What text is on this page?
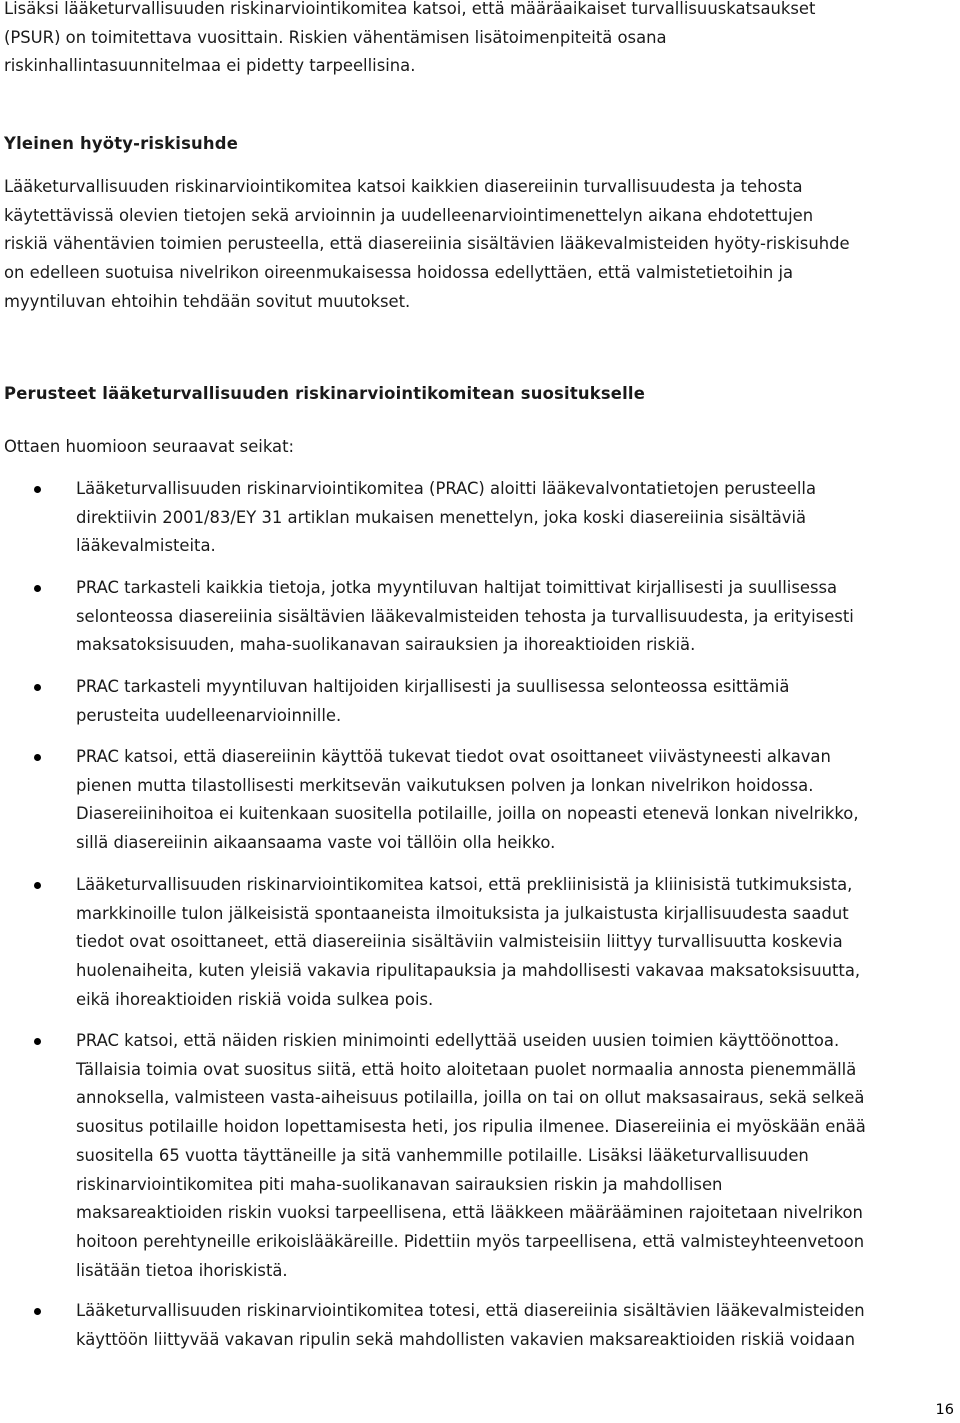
Lisäksi lääketurvallisuuden riskinarviointikomitea katsoi, että määräaikaiset turvallisuuskatsaukset
(PSUR) on toimitettava vuosittain. Riskien vähentämisen lisätoimenpiteitä osana
riskinhallintasuunnitelmaa ei pidetty tarpeellisina.

Yleinen hyöty-riskisuhde

Lääketurvallisuuden riskinarviointikomitea katsoi kaikkien diasereiinin turvallisuudesta ja tehosta
käytettävissä olevien tietojen sekä arvioinnin ja uudelleenarviointimenettelyn aikana ehdotettujen
riskiä vähentävien toimien perusteella, että diasereiinia sisältävien lääkevalmisteiden hyöty-riskisuhde
on edelleen suotuisa nivelrikon oireenmukaisessa hoidossa edellyttäen, että valmistetietoihin ja
myyntiluvan ehtoihin tehdään sovitut muutokset.

Perusteet lääketurvallisuuden riskinarviointikomitean suositukselle

Ottaen huomioon seuraavat seikat:

Lääketurvallisuuden riskinarviointikomitea (PRAC) aloitti lääkevalvontatietojen perusteella
direktiivin 2001/83/EY 31 artiklan mukaisen menettelyn, joka koski diasereiinia sisältäviä
lääkevalmisteita.
PRAC tarkasteli kaikkia tietoja, jotka myyntiluvan haltijat toimittivat kirjallisesti ja suullisessa
selonteossa diasereiinia sisältävien lääkevalmisteiden tehosta ja turvallisuudesta, ja erityisesti
maksatoksisuuden, maha-suolikanavan sairauksien ja ihoreaktioiden riskiä.
PRAC tarkasteli myyntiluvan haltijoiden kirjallisesti ja suullisessa selonteossa esittämiä
perusteita uudelleenarvioinnille.
PRAC katsoi, että diasereiinin käyttöä tukevat tiedot ovat osoittaneet viivästyneesti alkavan
pienen mutta tilastollisesti merkitsevän vaikutuksen polven ja lonkan nivelrikon hoidossa.
Diasereiinihoitoa ei kuitenkaan suositella potilaille, joilla on nopeasti etenevä lonkan nivelrikko,
sillä diasereiinin aikaansaama vaste voi tällöin olla heikko.
Lääketurvallisuuden riskinarviointikomitea katsoi, että prekliinisistä ja kliinisistä tutkimuksista,
markkinoille tulon jälkeisistä spontaaneista ilmoituksista ja julkaistusta kirjallisuudesta saadut
tiedot ovat osoittaneet, että diasereiinia sisältäviin valmisteisiin liittyy turvallisuutta koskevia
huolenaiheita, kuten yleisiä vakavia ripulitapauksia ja mahdollisesti vakavaa maksatoksisuutta,
eikä ihoreaktioiden riskiä voida sulkea pois.
PRAC katsoi, että näiden riskien minimointi edellyttää useiden uusien toimien käyttöönottoa.
Tällaisia toimia ovat suositus siitä, että hoito aloitetaan puolet normaalia annosta pienemmällä
annoksella, valmisteen vasta-aiheisuus potilailla, joilla on tai on ollut maksasairaus, sekä selkeä
suositus potilaille hoidon lopettamisesta heti, jos ripulia ilmenee. Diasereiinia ei myöskään enää
suositella 65 vuotta täyttäneille ja sitä vanhemmille potilaille. Lisäksi lääketurvallisuuden
riskinarviointikomitea piti maha-suolikanavan sairauksien riskin ja mahdollisen
maksareaktioiden riskin vuoksi tarpeellisena, että lääkkeen määrääminen rajoitetaan nivelrikon
hoitoon perehtyneille erikoislääkäreille. Pidettiin myös tarpeellisena, että valmisteyhteenvetoon
lisätään tietoa ihoriskistä.
Lääketurvallisuuden riskinarviointikomitea totesi, että diasereiinia sisältävien lääkevalmisteiden
käyttöön liittyvää vakavan ripulin sekä mahdollisten vakavien maksareaktioiden riskiä voidaan

16
